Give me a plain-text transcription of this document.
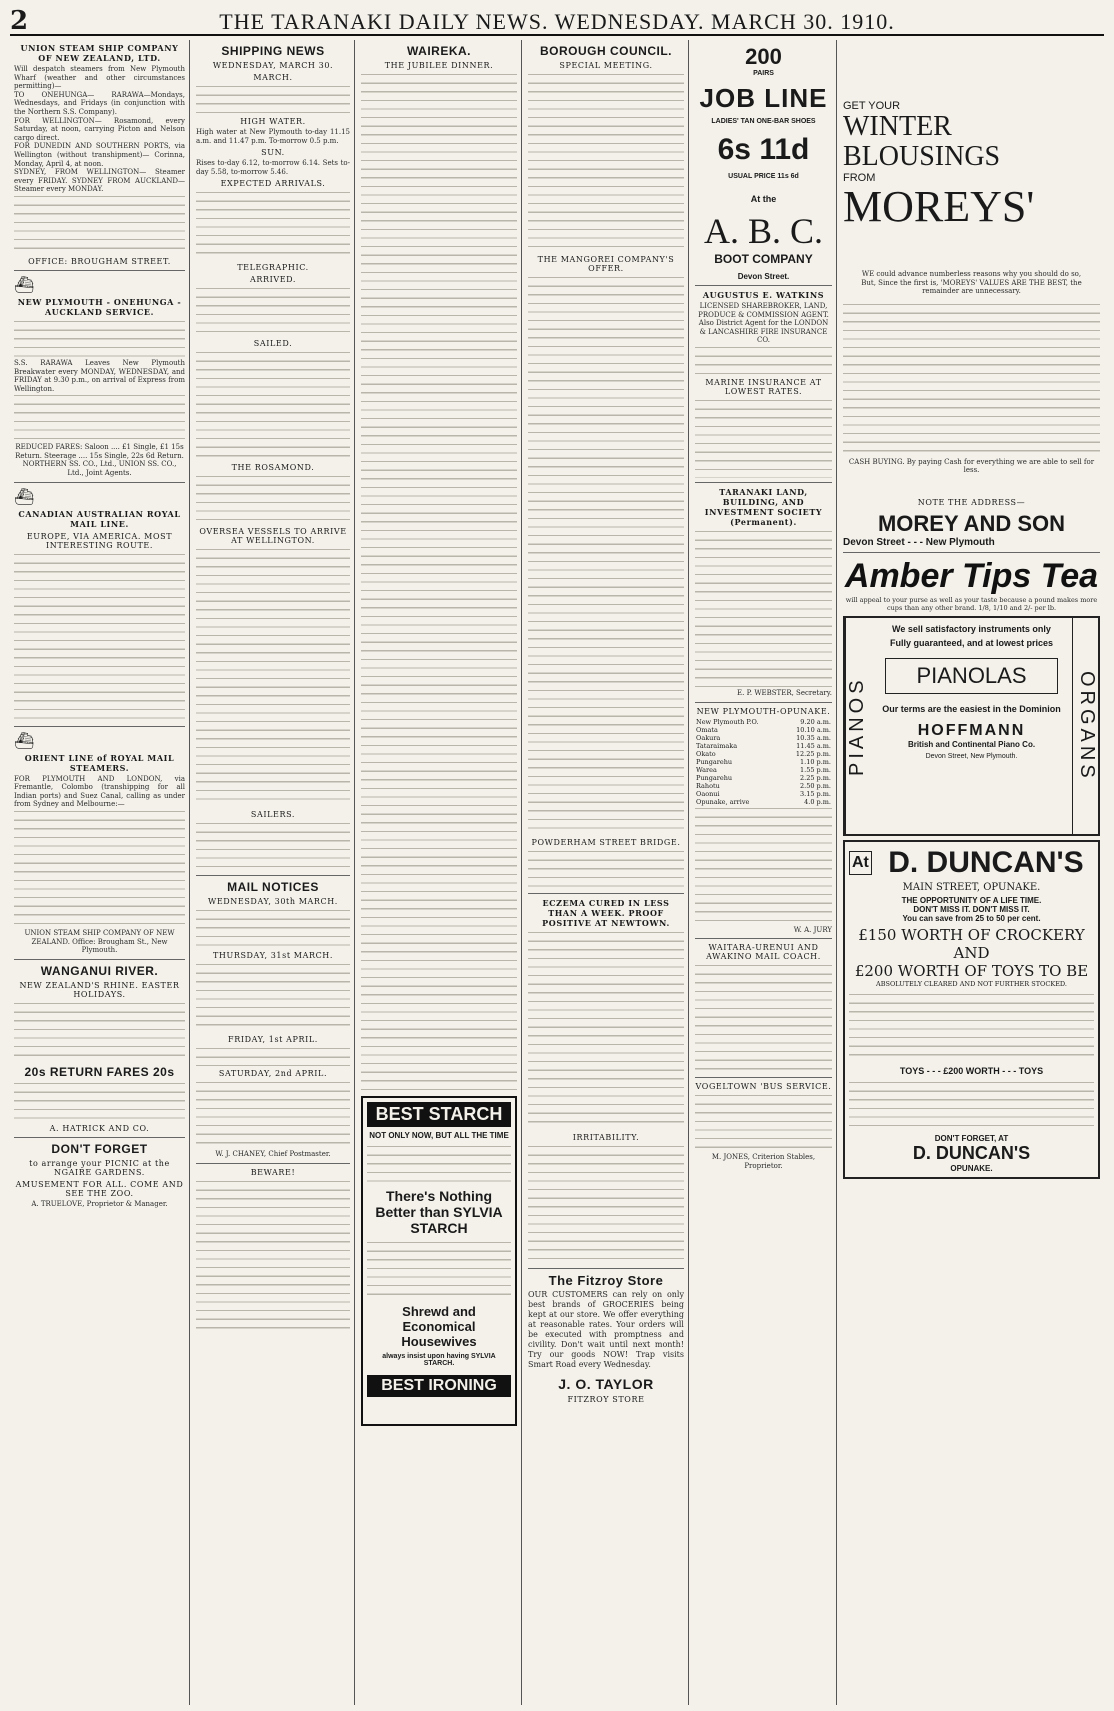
2	THE TARANAKI DAILY NEWS. WEDNESDAY. MARCH 30. 1910.
UNION STEAM SHIP COMPANY OF NEW ZEALAND, LTD.

Will despatch steamers from New Plymouth Wharf (weather and other circumstances permitting)—

TO ONEHUNGA— RARAWA—Mondays, Wednesdays, and Fridays (in conjunction with the Northern S.S. Company).

FOR WELLINGTON— Rosamond, every Saturday, at noon, carrying Picton and Nelson cargo direct.

FOR DUNEDIN AND SOUTHERN PORTS, via Wellington (without transhipment)— Corinna, Monday, April 4, at noon.

SYDNEY, FROM WELLINGTON— Steamer every FRIDAY. SYDNEY FROM AUCKLAND— Steamer every MONDAY.

OFFICE: BROUGHAM STREET.
⛴
NEW PLYMOUTH - ONEHUNGA - AUCKLAND SERVICE.

S.S. RARAWA Leaves New Plymouth Breakwater every MONDAY, WEDNESDAY, and FRIDAY at 9.30 p.m., on arrival of Express from Wellington.

REDUCED FARES: Saloon .... £1 Single, £1 15s Return. Steerage .... 15s Single, 22s 6d Return.

NORTHERN SS. CO., Ltd., UNION SS. CO., Ltd., Joint Agents.

⛴
CANADIAN AUSTRALIAN ROYAL MAIL LINE.
EUROPE, VIA AMERICA. MOST INTERESTING ROUTE.
⛴
ORIENT LINE of ROYAL MAIL STEAMERS.

FOR PLYMOUTH AND LONDON, via Fremantle, Colombo (transhipping for all Indian ports) and Suez Canal, calling as under from Sydney and Melbourne:—

UNION STEAM SHIP COMPANY OF NEW ZEALAND. Office: Brougham St., New Plymouth.

WANGANUI RIVER.
NEW ZEALAND'S RHINE. EASTER HOLIDAYS.
20s RETURN FARES 20s
A. HATRICK AND CO.
DON'T FORGET
to arrange your PICNIC at the NGAIRE GARDENS.
AMUSEMENT FOR ALL. COME AND SEE THE ZOO.

A. TRUELOVE, Proprietor & Manager.

SHIPPING NEWS
WEDNESDAY, MARCH 30.
MARCH.
HIGH WATER.

High water at New Plymouth to-day 11.15 a.m. and 11.47 p.m. To-morrow 0.5 p.m.

SUN.

Rises to-day 6.12, to-morrow 6.14. Sets to-day 5.58, to-morrow 5.46.

EXPECTED ARRIVALS.
TELEGRAPHIC.
ARRIVED.
SAILED.
THE ROSAMOND.
OVERSEA VESSELS TO ARRIVE AT WELLINGTON.
SAILERS.
MAIL NOTICES
WEDNESDAY, 30th MARCH.
THURSDAY, 31st MARCH.
FRIDAY, 1st APRIL.
SATURDAY, 2nd APRIL.

W. J. CHANEY, Chief Postmaster.

BEWARE!
WAIREKA.
THE JUBILEE DINNER.
BEST STARCH
NOT ONLY NOW, BUT ALL THE TIME
There's Nothing Better than SYLVIA STARCH
Shrewd and Economical Housewives
always insist upon having SYLVIA STARCH.
BEST IRONING
BOROUGH COUNCIL.
SPECIAL MEETING.
THE MANGOREI COMPANY'S OFFER.
POWDERHAM STREET BRIDGE.
ECZEMA CURED IN LESS THAN A WEEK. PROOF POSITIVE AT NEWTOWN.
IRRITABILITY.
The Fitzroy Store

OUR CUSTOMERS can rely on only best brands of GROCERIES being kept at our store. We offer everything at reasonable rates. Your orders will be executed with promptness and civility. Don't wait until next month! Try our goods NOW! Trap visits Smart Road every Wednesday.

J. O. TAYLOR
FITZROY STORE
200
PAIRS
JOB LINE
LADIES' TAN ONE-BAR SHOES
6s 11d
USUAL PRICE 11s 6d
At the
A. B. C.
BOOT COMPANY
Devon Street.
AUGUSTUS E. WATKINS

LICENSED SHAREBROKER, LAND, PRODUCE & COMMISSION AGENT. Also District Agent for the LONDON & LANCASHIRE FIRE INSURANCE CO.

MARINE INSURANCE AT LOWEST RATES.
TARANAKI LAND, BUILDING, AND INVESTMENT SOCIETY (Permanent).

E. P. WEBSTER, Secretary.

NEW PLYMOUTH-OPUNAKE.
New Plymouth P.O.	9.20 a.m.
Omata	10.10 a.m.
Oakura	10.35 a.m.
Tataraimaka	11.45 a.m.
Okato	12.25 p.m.
Pungarehu	1.10 p.m.
Warea	1.55 p.m.
Pungarehu	2.25 p.m.
Rahotu	2.50 p.m.
Oaonui	3.15 p.m.
Opunake, arrive	4.0 p.m.

W. A. JURY

WAITARA-URENUI AND AWAKINO MAIL COACH.
VOGELTOWN 'BUS SERVICE.

M. JONES, Criterion Stables, Proprietor.

GET YOUR
WINTER BLOUSINGS
FROM
MOREYS'

WE could advance numberless reasons why you should do so,

But, Since the first is, 'MOREYS' VALUES ARE THE BEST, the remainder are unnecessary.

CASH BUYING. By paying Cash for everything we are able to sell for less.

NOTE THE ADDRESS—
MOREY AND SON
Devon Street - - - New Plymouth
Amber Tips Tea

will appeal to your purse as well as your taste because a pound makes more cups than any other brand. 1/8, 1/10 and 2/- per lb.

PIANOS
We sell satisfactory instruments only
Fully guaranteed, and at lowest prices
PIANOLAS
Our terms are the easiest in the Dominion
HOFFMANN
British and Continental Piano Co.
Devon Street, New Plymouth.	ORGANS
At D. DUNCAN'S
MAIN STREET, OPUNAKE.
THE OPPORTUNITY OF A LIFE TIME.
DON'T MISS IT. DON'T MISS IT.
You can save from 25 to 50 per cent.
£150 WORTH OF CROCKERY AND
£200 WORTH OF TOYS TO BE
ABSOLUTELY CLEARED AND NOT FURTHER STOCKED.
TOYS - - - £200 WORTH - - - TOYS
DON'T FORGET, AT
D. DUNCAN'S
OPUNAKE.
